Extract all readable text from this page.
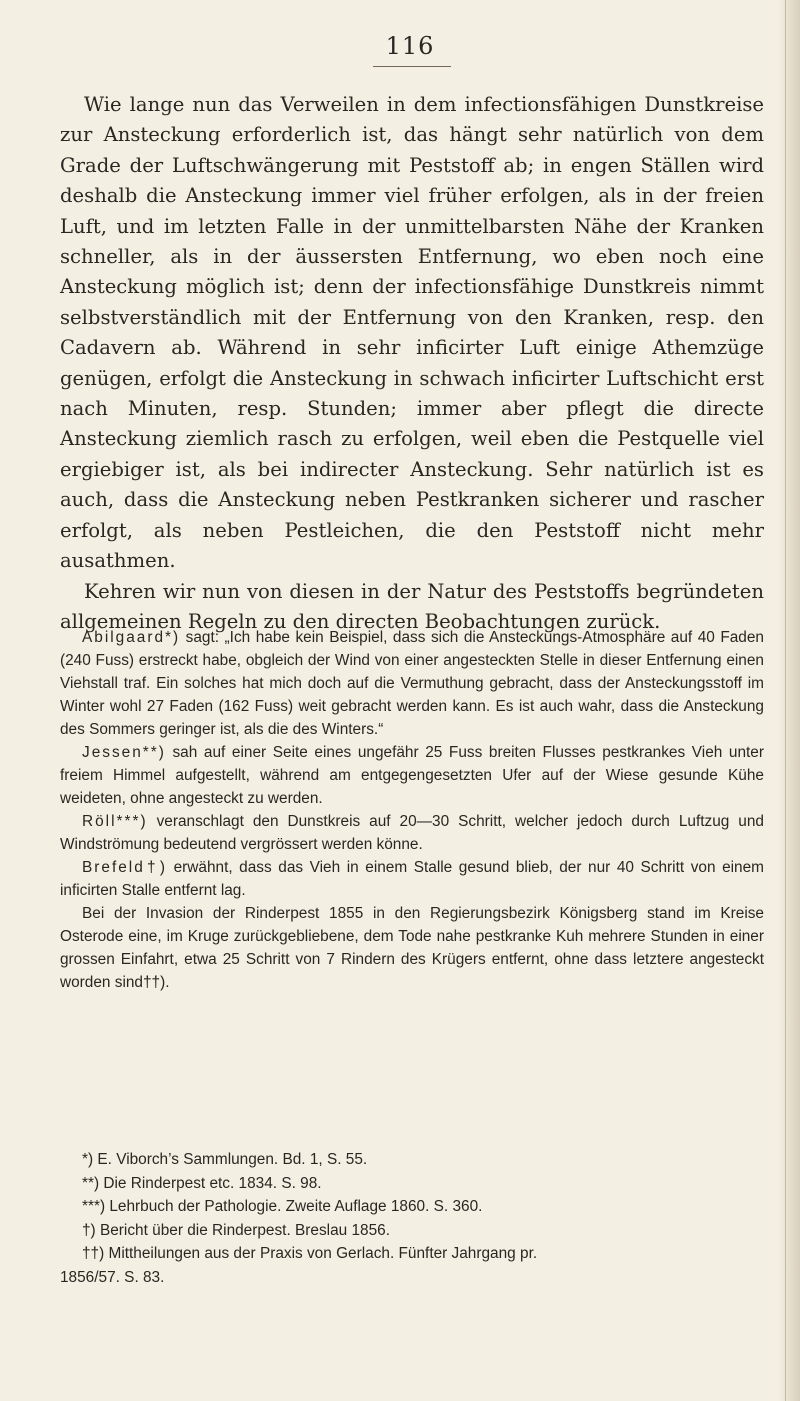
116

Wie lange nun das Verweilen in dem infectionsfähigen Dunstkreise zur Ansteckung erforderlich ist, das hängt sehr natürlich von dem Grade der Luftschwängerung mit Peststoff ab; in engen Ställen wird deshalb die Ansteckung immer viel früher erfolgen, als in der freien Luft, und im letzten Falle in der unmittelbarsten Nähe der Kranken schneller, als in der äussersten Entfernung, wo eben noch eine Ansteckung möglich ist; denn der infectionsfähige Dunstkreis nimmt selbstverständlich mit der Entfernung von den Kranken, resp. den Cadavern ab. Während in sehr inficirter Luft einige Athemzüge genügen, erfolgt die Ansteckung in schwach inficirter Luftschicht erst nach Minuten, resp. Stunden; immer aber pflegt die directe Ansteckung ziemlich rasch zu erfolgen, weil eben die Pestquelle viel ergiebiger ist, als bei indirecter Ansteckung. Sehr natürlich ist es auch, dass die Ansteckung neben Pestkranken sicherer und rascher erfolgt, als neben Pestleichen, die den Peststoff nicht mehr ausathmen.

Kehren wir nun von diesen in der Natur des Peststoffs begründeten allgemeinen Regeln zu den directen Beobachtungen zurück.

Abilgaard*) sagt: „Ich habe kein Beispiel, dass sich die Ansteckungs-Atmosphäre auf 40 Faden (240 Fuss) erstreckt habe, obgleich der Wind von einer angesteckten Stelle in dieser Entfernung einen Viehstall traf. Ein solches hat mich doch auf die Vermuthung gebracht, dass der Ansteckungsstoff im Winter wohl 27 Faden (162 Fuss) weit gebracht werden kann. Es ist auch wahr, dass die Ansteckung des Sommers geringer ist, als die des Winters.“

Jessen**) sah auf einer Seite eines ungefähr 25 Fuss breiten Flusses pestkrankes Vieh unter freiem Himmel aufgestellt, während am entgegengesetzten Ufer auf der Wiese gesunde Kühe weideten, ohne angesteckt zu werden.

Röll***) veranschlagt den Dunstkreis auf 20—30 Schritt, welcher jedoch durch Luftzug und Windströmung bedeutend vergrössert werden könne.

Brefeld†) erwähnt, dass das Vieh in einem Stalle gesund blieb, der nur 40 Schritt von einem inficirten Stalle entfernt lag.

Bei der Invasion der Rinderpest 1855 in den Regierungsbezirk Königsberg stand im Kreise Osterode eine, im Kruge zurückgebliebene, dem Tode nahe pestkranke Kuh mehrere Stunden in einer grossen Einfahrt, etwa 25 Schritt von 7 Rindern des Krügers entfernt, ohne dass letztere angesteckt worden sind††).

*) E. Viborch’s Sammlungen. Bd. 1, S. 55.
**) Die Rinderpest etc. 1834. S. 98.
***) Lehrbuch der Pathologie. Zweite Auflage 1860. S. 360.
†) Bericht über die Rinderpest. Breslau 1856.
††) Mittheilungen aus der Praxis von Gerlach. Fünfter Jahrgang pr.
1856/57. S. 83.
